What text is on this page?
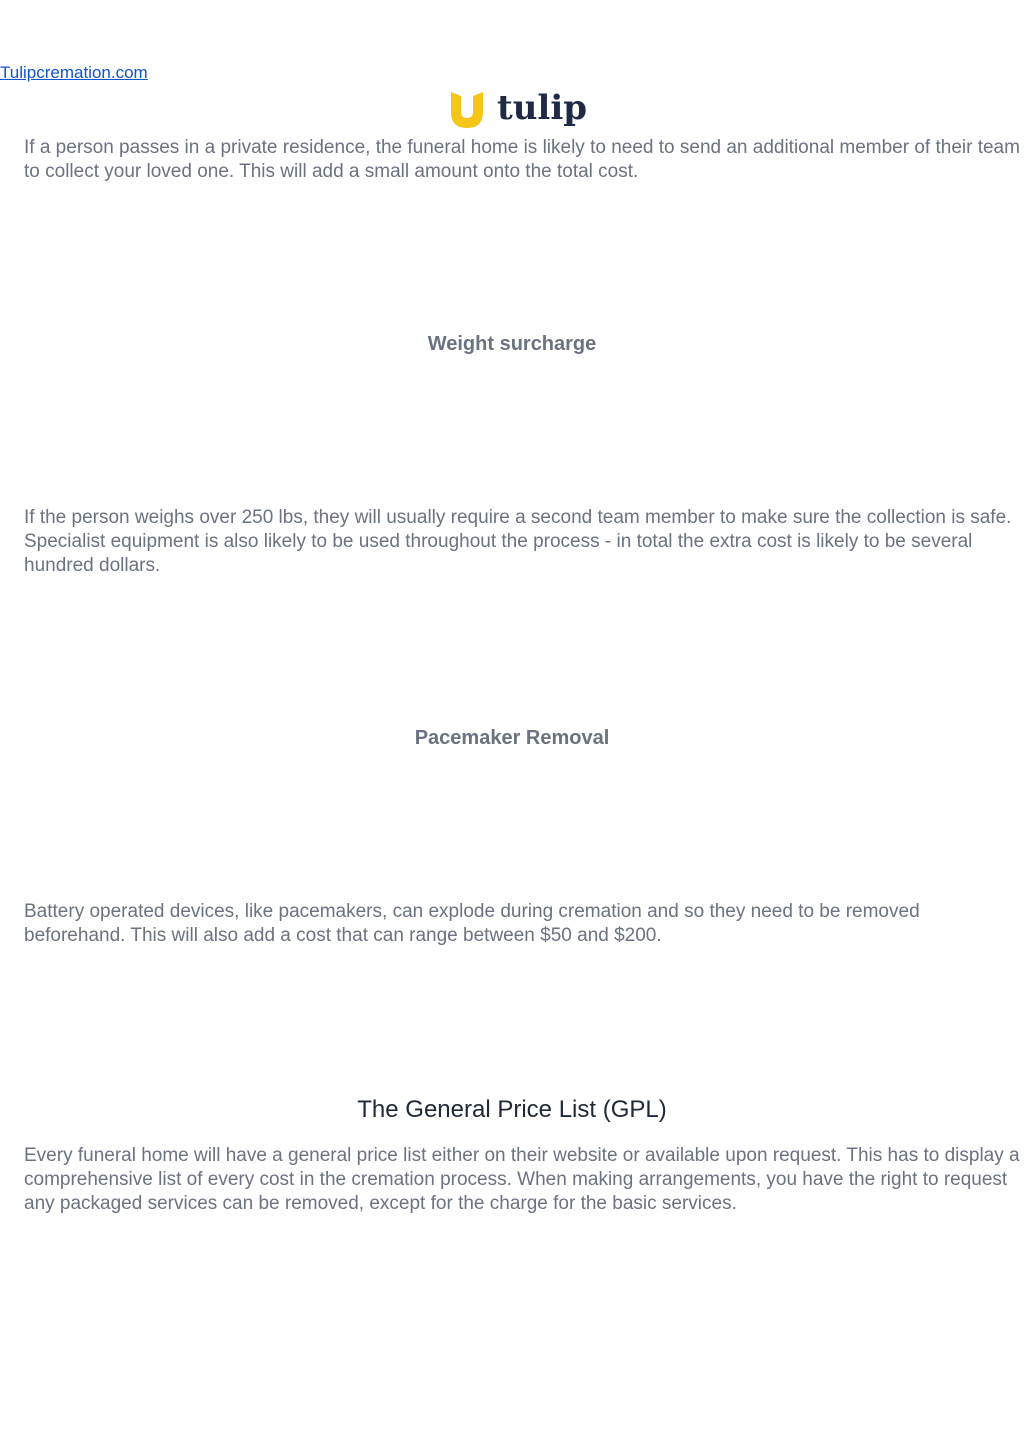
Tulipcremation.com
tulip

If a person passes in a private residence, the funeral home is likely to need to send an additional member of their team to collect your loved one. This will add a small amount onto the total cost.

Weight surcharge

If the person weighs over 250 lbs, they will usually require a second team member to make sure the collection is safe. Specialist equipment is also likely to be used throughout the process - in total the extra cost is likely to be several hundred dollars.

Pacemaker Removal

Battery operated devices, like pacemakers, can explode during cremation and so they need to be removed beforehand. This will also add a cost that can range between $50 and $200.

The General Price List (GPL)

Every funeral home will have a general price list either on their website or available upon request. This has to display a comprehensive list of every cost in the cremation process. When making arrangements, you have the right to request any packaged services can be removed, except for the charge for the basic services.
